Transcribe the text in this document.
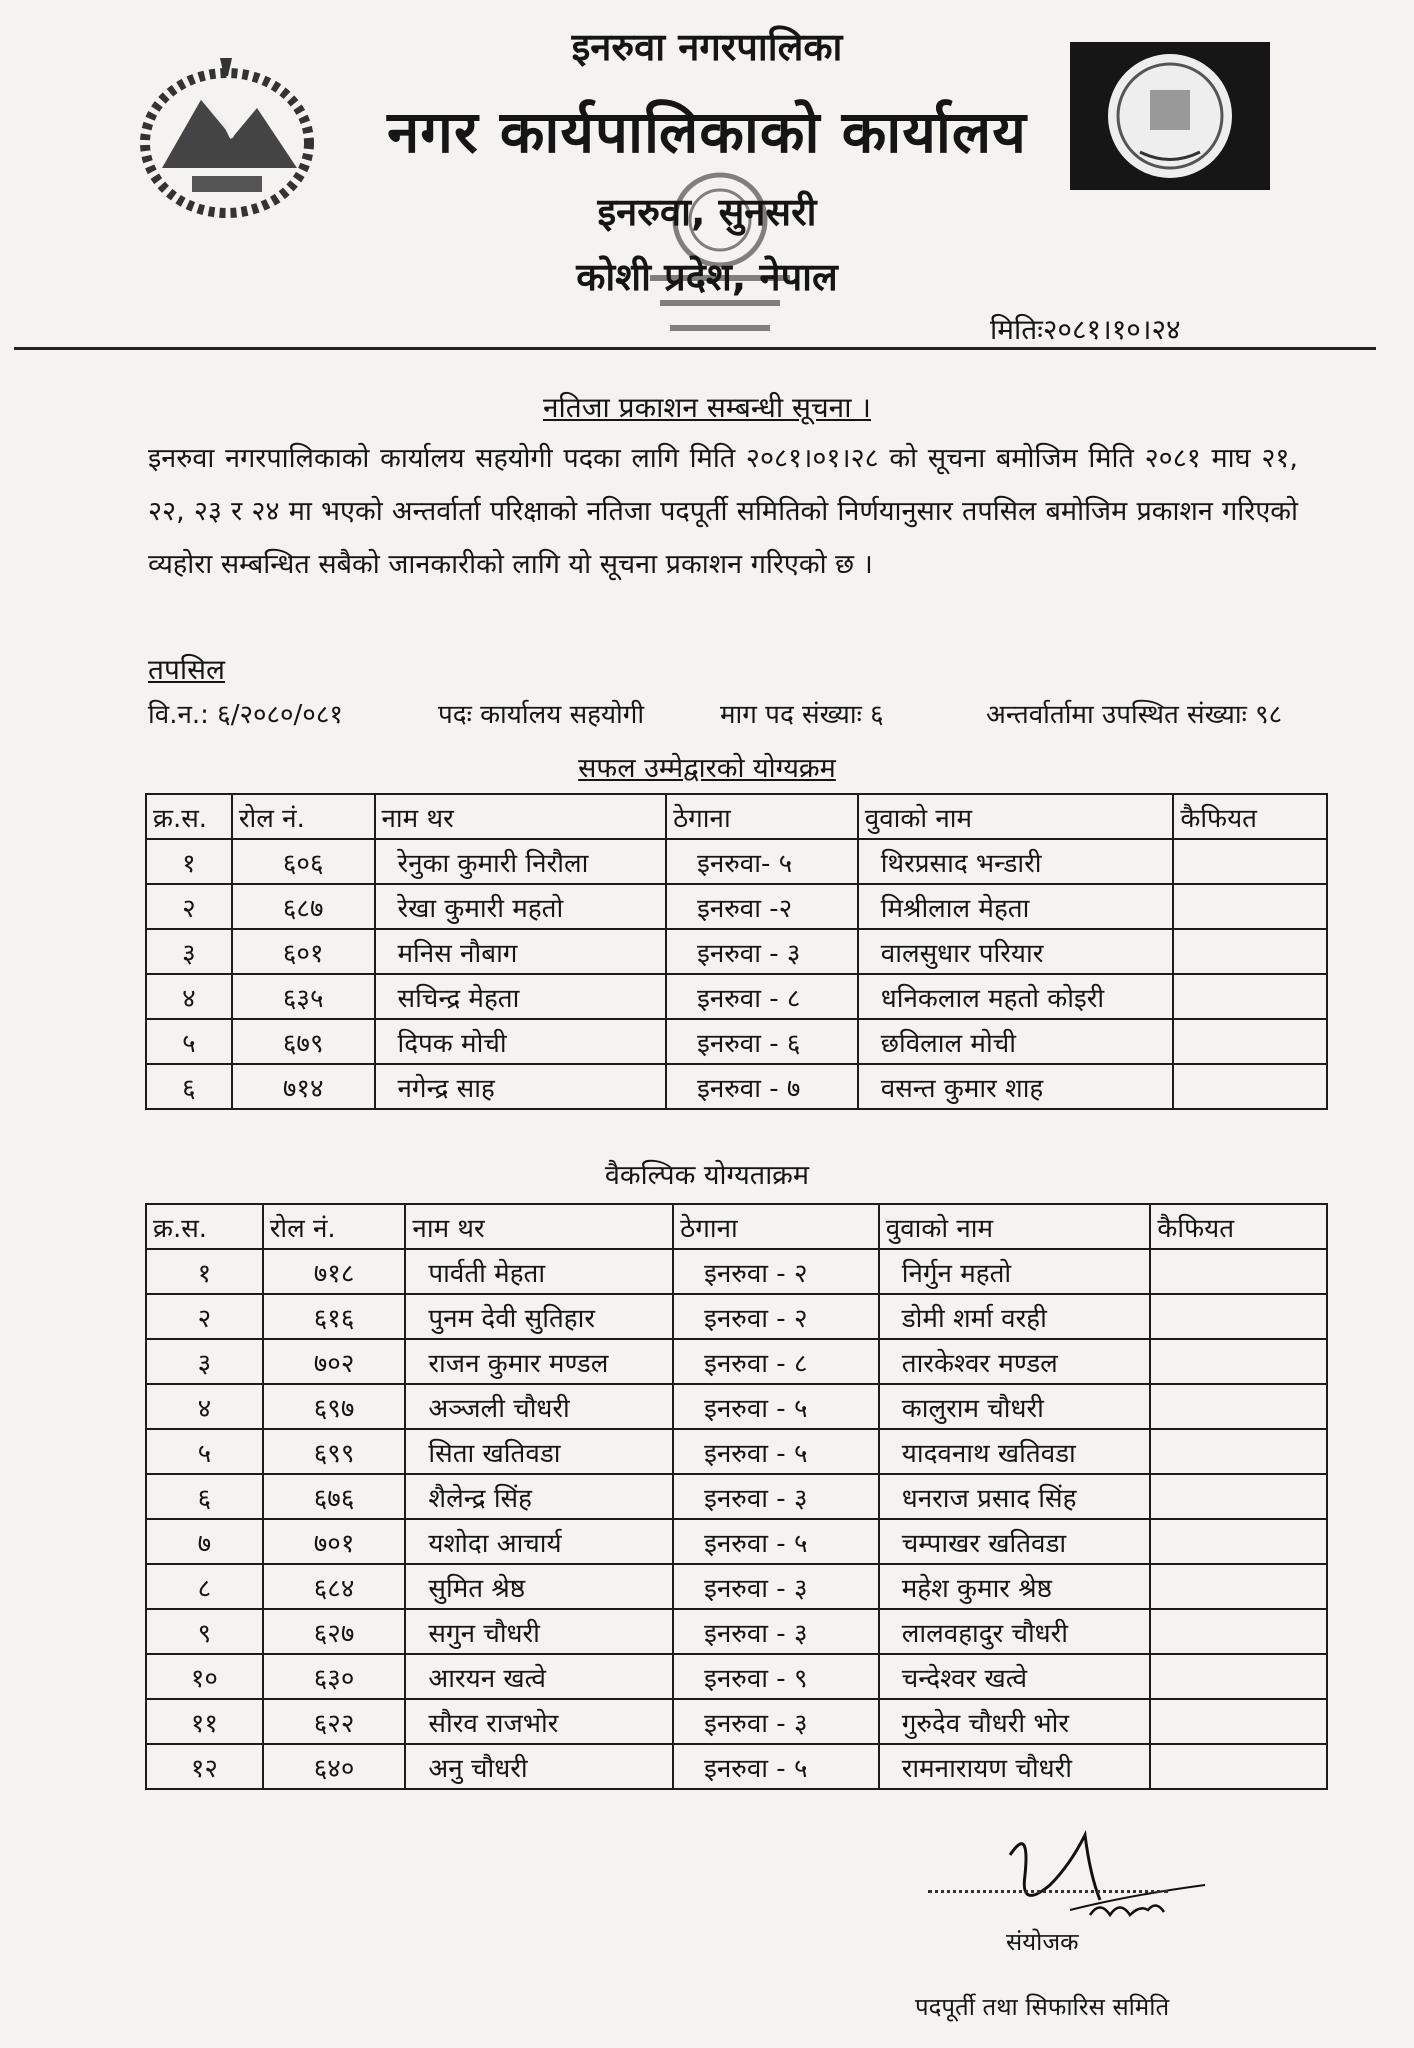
इनरुवा नगरपालिका
नगर कार्यपालिकाको कार्यालय
इनरुवा, सुनसरी
कोशी प्रदेश, नेपाल
मितिः२०८१।१०।२४
नतिजा प्रकाशन सम्बन्धी सूचना ।
इनरुवा नगरपालिकाको कार्यालय सहयोगी पदका लागि मिति २०८१।०१।२८ को सूचना बमोजिम मिति २०८१ माघ २१, २२, २३ र २४ मा भएको अन्तर्वार्ता परिक्षाको नतिजा पदपूर्ती समितिको निर्णयानुसार तपसिल बमोजिम प्रकाशन गरिएको व्यहोरा सम्बन्धित सबैको जानकारीको लागि यो सूचना प्रकाशन गरिएको छ ।
तपसिल
वि.न.: ६/२०८०/०८१	पदः कार्यालय सहयोगी	माग पद संख्याः ६	अन्तर्वार्तामा उपस्थित संख्याः ९८
सफल उम्मेद्वारको योग्यक्रम
क्र.स.	रोल नं.	नाम थर	ठेगाना	वुवाको नाम	कैफियत
१	६०६	रेनुका कुमारी निरौला	इनरुवा- ५	थिरप्रसाद भन्डारी	
२	६८७	रेखा कुमारी महतो	इनरुवा -२	मिश्रीलाल मेहता	
३	६०१	मनिस नौबाग	इनरुवा - ३	वालसुधार परियार	
४	६३५	सचिन्द्र मेहता	इनरुवा - ८	धनिकलाल महतो कोइरी	
५	६७९	दिपक मोची	इनरुवा - ६	छविलाल मोची	
६	७१४	नगेन्द्र साह	इनरुवा - ७	वसन्त कुमार शाह	
वैकल्पिक योग्यताक्रम
क्र.स.	रोल नं.	नाम थर	ठेगाना	वुवाको नाम	कैफियत
१	७१८	पार्वती मेहता	इनरुवा - २	निर्गुन महतो	
२	६१६	पुनम देवी सुतिहार	इनरुवा - २	डोमी शर्मा वरही	
३	७०२	राजन कुमार मण्डल	इनरुवा - ८	तारकेश्वर मण्डल	
४	६९७	अञ्जली चौधरी	इनरुवा - ५	कालुराम चौधरी	
५	६९९	सिता खतिवडा	इनरुवा - ५	यादवनाथ खतिवडा	
६	६७६	शैलेन्द्र सिंह	इनरुवा - ३	धनराज प्रसाद सिंह	
७	७०१	यशोदा आचार्य	इनरुवा - ५	चम्पाखर खतिवडा	
८	६८४	सुमित श्रेष्ठ	इनरुवा - ३	महेश कुमार श्रेष्ठ	
९	६२७	सगुन चौधरी	इनरुवा - ३	लालवहादुर चौधरी	
१०	६३०	आरयन खत्वे	इनरुवा - ९	चन्देश्वर खत्वे	
११	६२२	सौरव राजभोर	इनरुवा - ३	गुरुदेव चौधरी भोर	
१२	६४०	अनु चौधरी	इनरुवा - ५	रामनारायण चौधरी	
संयोजक
पदपूर्ती तथा सिफारिस समिति
